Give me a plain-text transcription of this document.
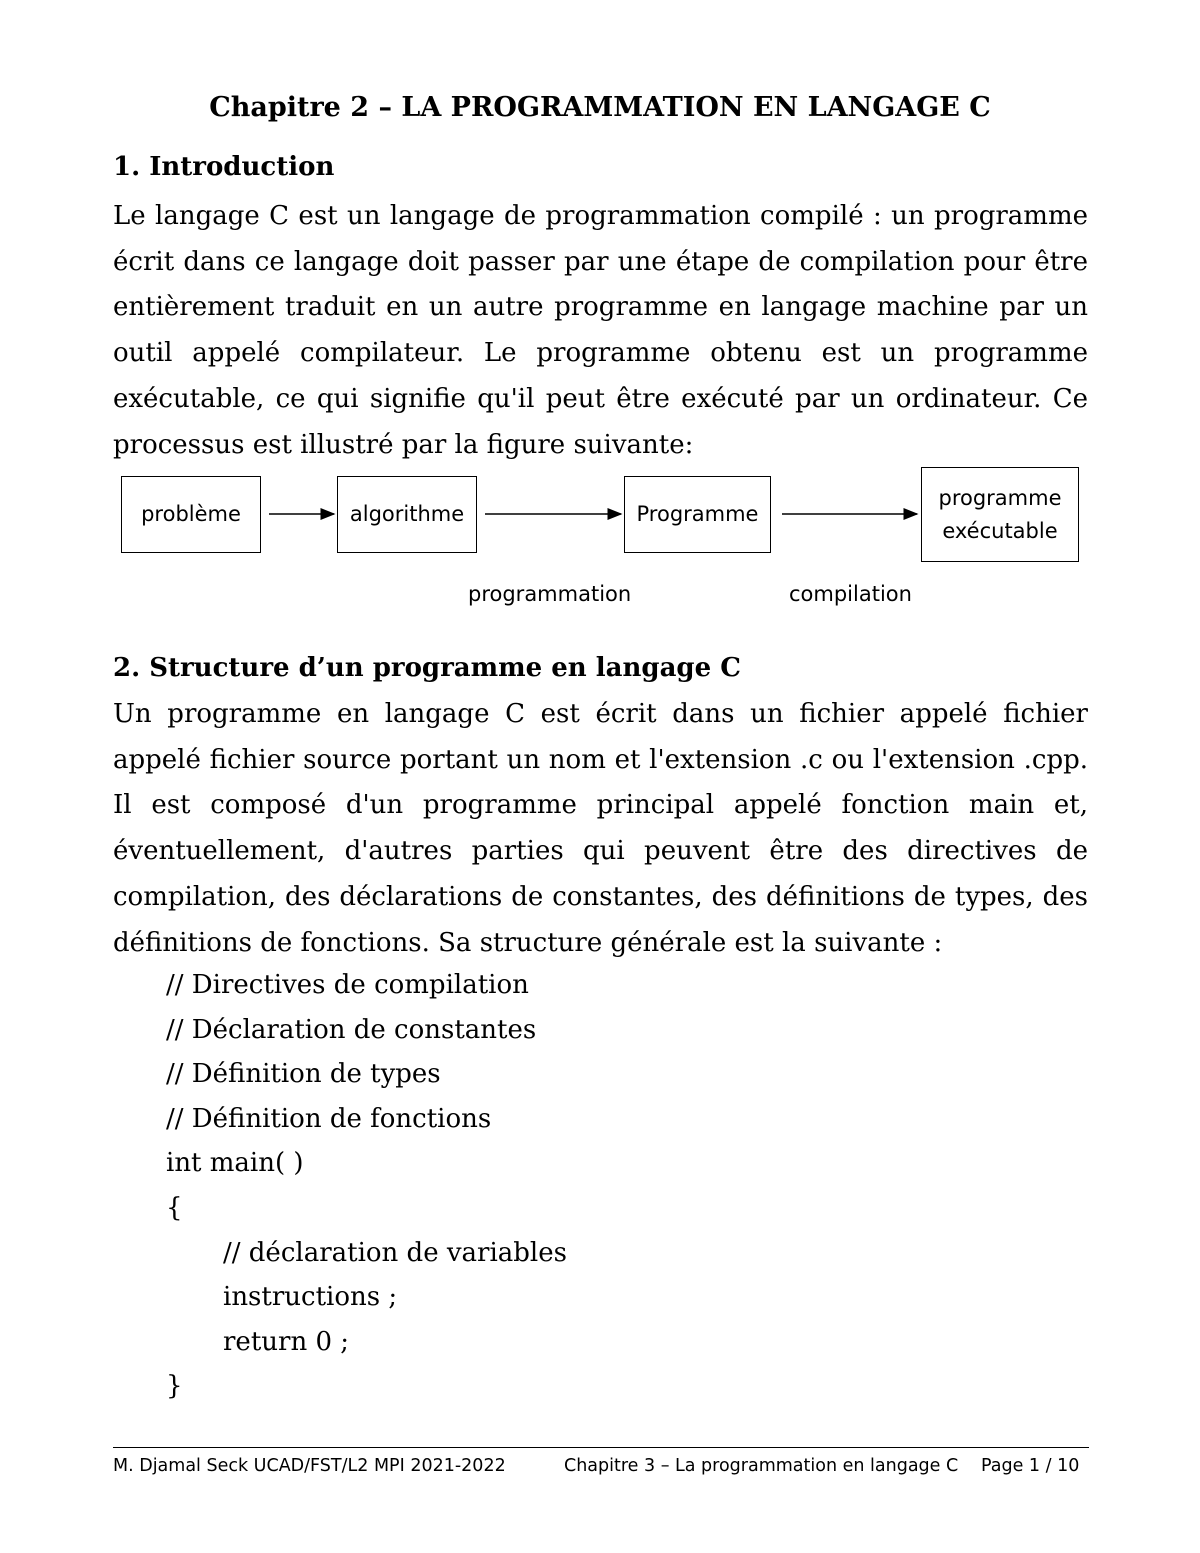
Chapitre 2 – LA PROGRAMMATION EN LANGAGE C
1. Introduction

Le langage C est un langage de programmation compilé : un programme écrit dans ce langage doit passer par une étape de compilation pour être entièrement traduit en un autre programme en langage machine par un outil appelé compilateur. Le programme obtenu est un programme exécutable, ce qui signifie qu'il peut être exécuté par un ordinateur. Ce processus est illustré par la figure suivante:

problème	algorithme	Programme
programme exécutable
programmation	compilation
2. Structure d’un programme en langage C

Un programme en langage C est écrit dans un fichier appelé fichier appelé fichier source portant un nom et l'extension .c ou l'extension .cpp. Il est composé d'un programme principal appelé fonction main et, éventuellement, d'autres parties qui peuvent être des directives de compilation, des déclarations de constantes, des définitions de types, des définitions de fonctions. Sa structure générale est la suivante :

// Directives de compilation
// Déclaration de constantes
// Définition de types
// Définition de fonctions
int main( )
{
// déclaration de variables
instructions ;
return 0 ;
}

M. Djamal Seck UCAD/FST/L2 MPI 2021-2022

	Chapitre 3 – La programmation en langage C

Page 1 / 10
